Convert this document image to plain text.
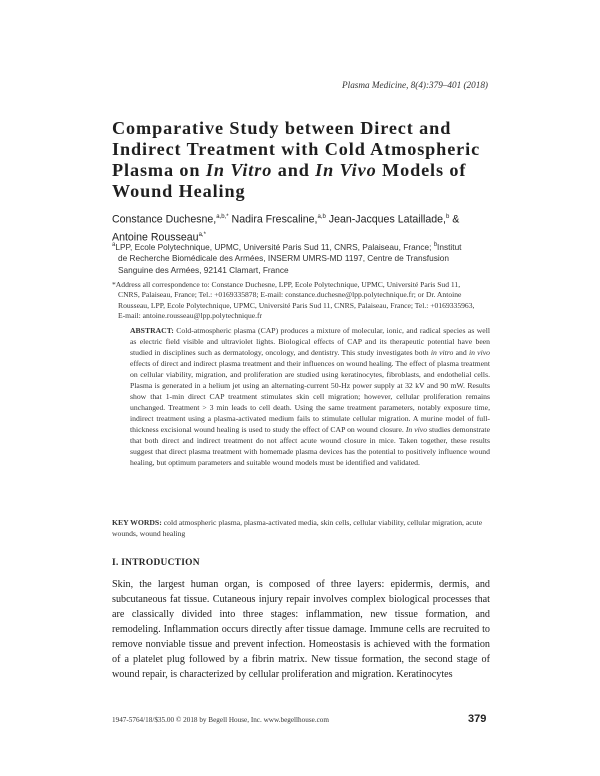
Plasma Medicine, 8(4):379–401 (2018)
Comparative Study between Direct and Indirect Treatment with Cold Atmospheric Plasma on In Vitro and In Vivo Models of Wound Healing
Constance Duchesne,$^{a,b,*}$ Nadira Frescaline,$^{a,b}$ Jean-Jacques Lataillade,$^b$ &
Antoine Rousseau$^{a,*}$
$^a$LPP, Ecole Polytechnique, UPMC, Université Paris Sud 11, CNRS, Palaiseau, France; $^b$Institut
de Recherche Biomédicale des Armées, INSERM UMRS-MD 1197, Centre de Transfusion
Sanguine des Armées, 92141 Clamart, France
*Address all correspondence to: Constance Duchesne, LPP, Ecole Polytechnique, UPMC, Université Paris Sud 11,
CNRS, Palaiseau, France; Tel.: +0169335878; E-mail: constance.duchesne@lpp.polytechnique.fr; or Dr. Antoine
Rousseau, LPP, Ecole Polytechnique, UPMC, Université Paris Sud 11, CNRS, Palaiseau, France; Tel.: +0169335963,
E-mail: antoine.rousseau@lpp.polytechnique.fr
ABSTRACT: Cold-atmospheric plasma (CAP) produces a mixture of molecular, ionic, and radical species as well as electric field visible and ultraviolet lights. Biological effects of CAP and its therapeutic potential have been studied in disciplines such as dermatology, oncology, and dentistry. This study investigates both in vitro and in vivo effects of direct and indirect plasma treatment and their influences on wound healing. The effect of plasma treatment on cellular viability, migration, and proliferation are studied using keratinocytes, fibroblasts, and endothelial cells. Plasma is generated in a helium jet using an alternating-current 50-Hz power supply at 32 kV and 90 mW. Results show that 1-min direct CAP treatment stimulates skin cell migration; however, cellular proliferation remains unchanged. Treatment > 3 min leads to cell death. Using the same treatment parameters, notably exposure time, indirect treatment using a plasma-activated medium fails to stimulate cellular migration. A murine model of full-thickness excisional wound healing is used to study the effect of CAP on wound closure. In vivo studies demonstrate that both direct and indirect treatment do not affect acute wound closure in mice. Taken together, these results suggest that direct plasma treatment with homemade plasma devices has the potential to positively influence wound healing, but optimum parameters and suitable wound models must be identified and validated.
KEY WORDS: cold atmospheric plasma, plasma-activated media, skin cells, cellular viability, cellular migration, acute wounds, wound healing
I. INTRODUCTION
Skin, the largest human organ, is composed of three layers: epidermis, dermis, and subcutaneous fat tissue. Cutaneous injury repair involves complex biological processes that are classically divided into three stages: inflammation, new tissue formation, and remodeling. Inflammation occurs directly after tissue damage. Immune cells are recruited to remove nonviable tissue and prevent infection. Homeostasis is achieved with the formation of a platelet plug followed by a fibrin matrix. New tissue formation, the second stage of wound repair, is characterized by cellular proliferation and migration. Keratinocytes
1947-5764/18/$35.00 © 2018 by Begell House, Inc. www.begellhouse.com	379
